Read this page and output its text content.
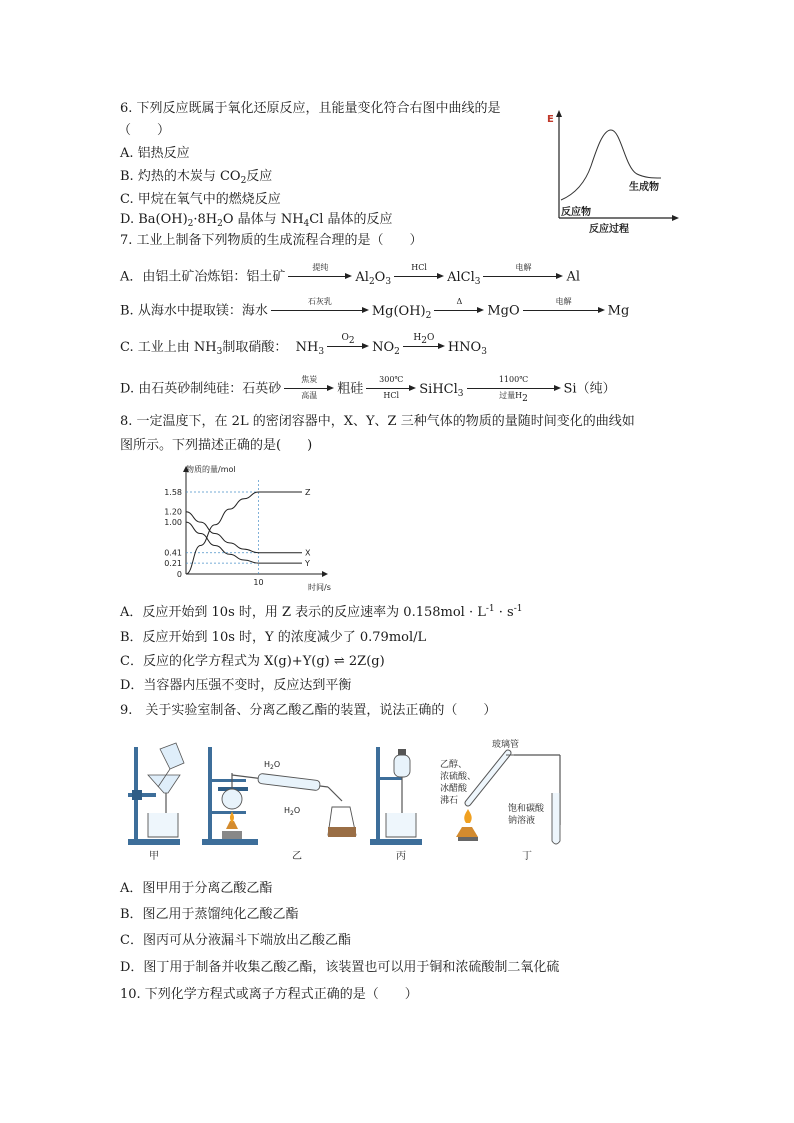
6. 下列反应既属于氧化还原反应，且能量变化符合右图中曲线的是
（　　）
A. 铝热反应
B. 灼热的木炭与 $CO_2$反应
C. 甲烷在氧气中的燃烧反应
D. $Ba(OH)_2\cdot 8H_2O$ 晶体与 $NH_4Cl$ 晶体的反应
E
生成物
反应物
反应过程
7. 工业上制备下列物质的生成流程合理的是（　　）
A．由铝土矿冶炼铝：铝土矿
提纯
$Al_2O_3$
HCl
AlCl$_3$
电解
Al
B. 从海水中提取镁：海水
石灰乳
$Mg(OH)_2$
Δ
MgO
电解
Mg
C. 工业上由 $NH_3$制取硝酸： $NH_3$
$O_2$	$NO_2$
$H_2O$
$HNO_3$
D. 由石英砂制纯硅：石英砂
焦炭
高温	粗硅
300℃
HCl	SiHCl$_3$
1100℃
过量$H_2$
Si（纯）
8. 一定温度下，在 2L 的密闭容器中，X、Y、Z 三种气体的物质的量随时间变化的曲线如
图所示。下列描述正确的是(　　)
物质的量/mol
时间/s
1.58
1.20
1.00
0.41
0.21
0
10
Z
X
Y
A．反应开始到 10s 时，用 Z 表示的反应速率为 $0.158mol \cdot L^{-1} \cdot s^{-1}$
B．反应开始到 10s 时，Y 的浓度减少了 0.79mol/L
C．反应的化学方程式为 X(g)+Y(g) ⇌ 2Z(g)
D．当容器内压强不变时，反应达到平衡
9.　关于实验室制备、分离乙酸乙酯的装置，说法正确的（　　）
甲
$H_2O$
$H_2O$
乙	丙
乙醇、
浓硫酸、
冰醋酸
沸石
玻璃管
饱和碳酸
钠溶液
丁
A．图甲用于分离乙酸乙酯
B．图乙用于蒸馏纯化乙酸乙酯
C．图丙可从分液漏斗下端放出乙酸乙酯
D．图丁用于制备并收集乙酸乙酯，该装置也可以用于铜和浓硫酸制二氧化硫
10. 下列化学方程式或离子方程式正确的是（　　）
